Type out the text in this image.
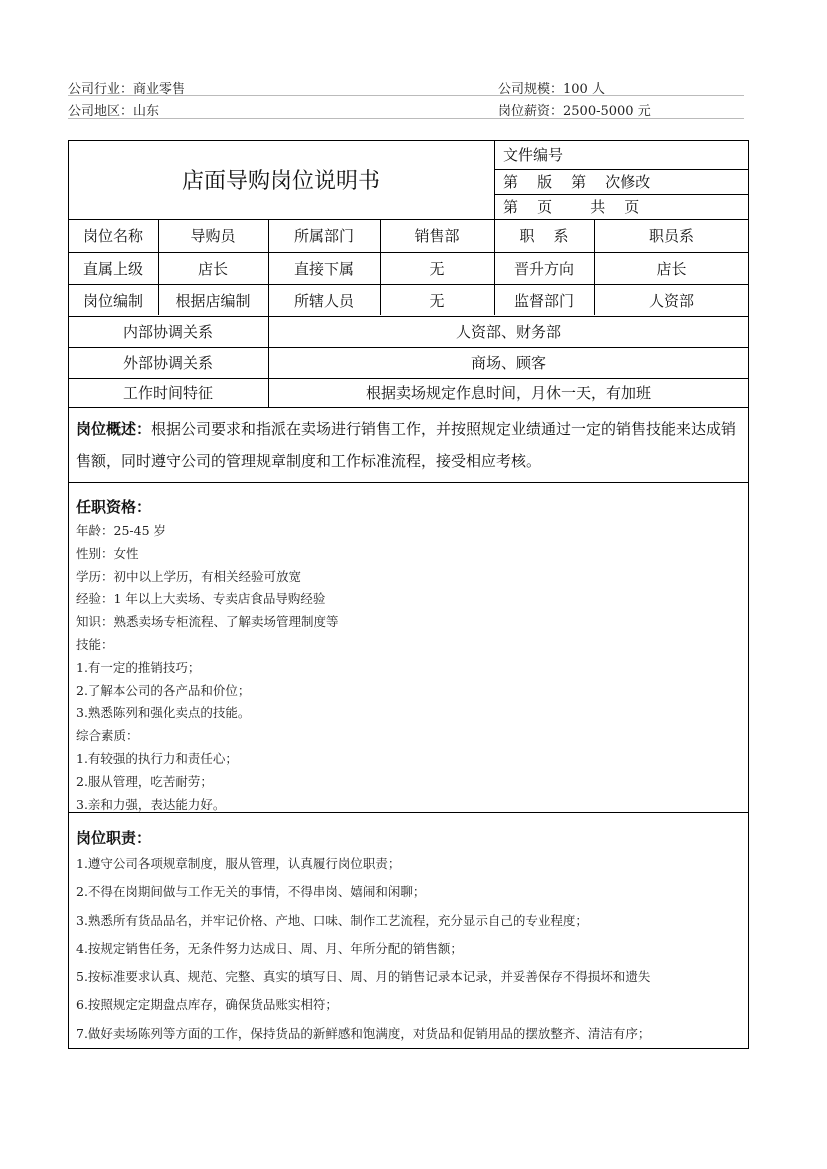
公司行业：商业零售	公司规模：100 人
公司地区：山东	岗位薪资：2500-5000 元
店面导购岗位说明书
文件编号
第    版    第    次修改
第    页        共    页
岗位名称	导购员	所属部门	销售部	职    系	职员系
直属上级	店长	直接下属	无	晋升方向	店长
岗位编制	根据店编制	所辖人员	无	监督部门	人资部
内部协调关系	人资部、财务部
外部协调关系	商场、顾客
工作时间特征	根据卖场规定作息时间，月休一天，有加班
岗位概述：根据公司要求和指派在卖场进行销售工作，并按照规定业绩通过一定的销售技能来达成销售额，同时遵守公司的管理规章制度和工作标准流程，接受相应考核。
任职资格：
年龄：25-45 岁
性别：女性
学历：初中以上学历，有相关经验可放宽
经验：1 年以上大卖场、专卖店食品导购经验
知识：熟悉卖场专柜流程、了解卖场管理制度等
技能：
1.有一定的推销技巧；
2.了解本公司的各产品和价位；
3.熟悉陈列和强化卖点的技能。
综合素质：
1.有较强的执行力和责任心；
2.服从管理，吃苦耐劳；
3.亲和力强，表达能力好。
岗位职责：
1.遵守公司各项规章制度，服从管理，认真履行岗位职责；
2.不得在岗期间做与工作无关的事情，不得串岗、嬉闹和闲聊；
3.熟悉所有货品品名，并牢记价格、产地、口味、制作工艺流程，充分显示自己的专业程度；
4.按规定销售任务，无条件努力达成日、周、月、年所分配的销售额；
5.按标准要求认真、规范、完整、真实的填写日、周、月的销售记录本记录，并妥善保存不得损坏和遗失
6.按照规定定期盘点库存，确保货品账实相符；
7.做好卖场陈列等方面的工作，保持货品的新鲜感和饱满度，对货品和促销用品的摆放整齐、清洁有序；
